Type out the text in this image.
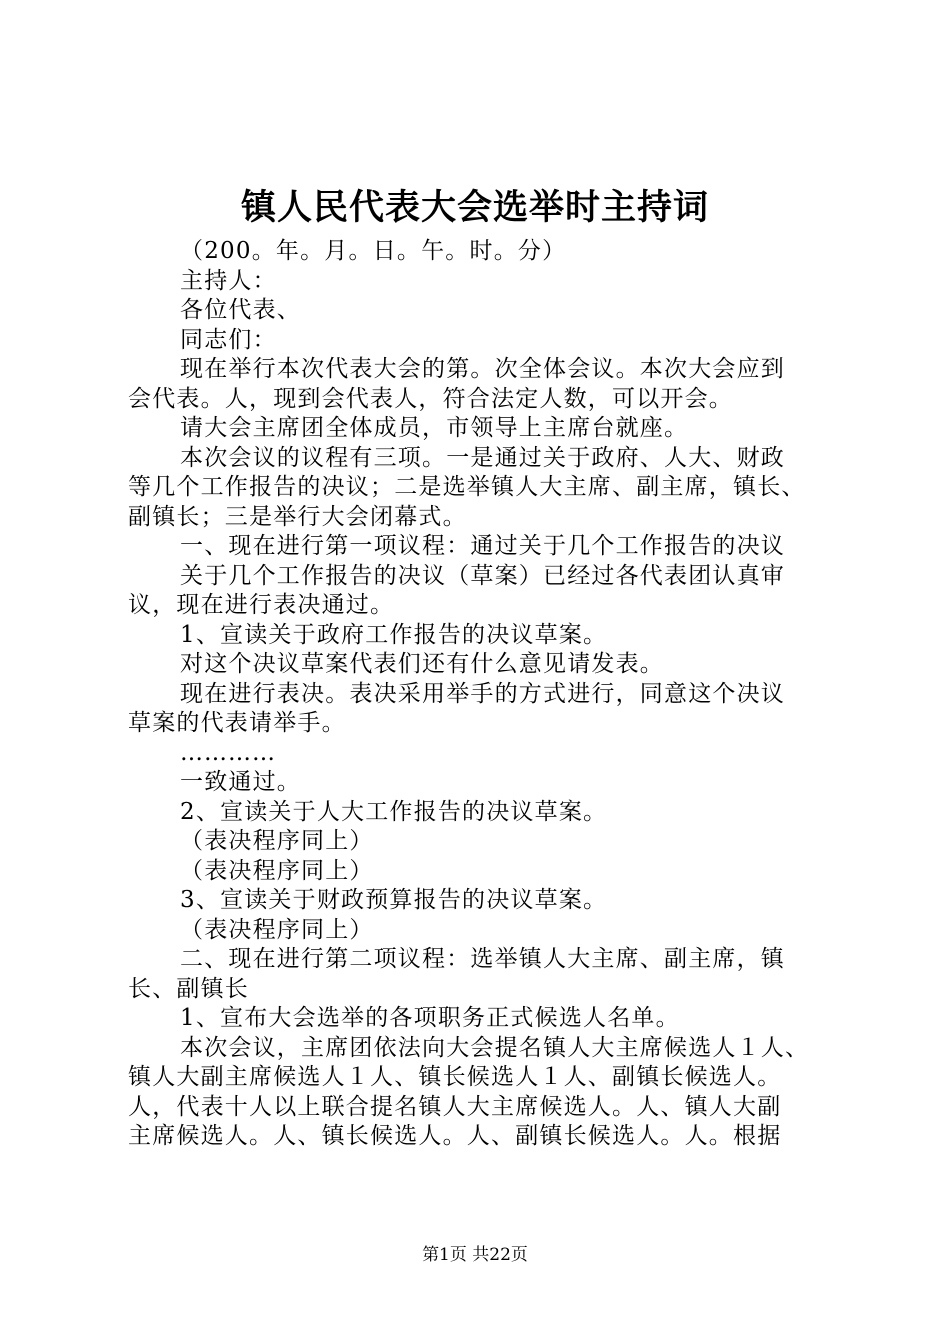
镇人民代表大会选举时主持词
（200。年。月。日。午。时。分）
主持人：
各位代表、
同志们：
现在举行本次代表大会的第。次全体会议。本次大会应到
会代表。人，现到会代表人，符合法定人数，可以开会。
请大会主席团全体成员，市领导上主席台就座。
本次会议的议程有三项。一是通过关于政府、人大、财政
等几个工作报告的决议；二是选举镇人大主席、副主席，镇长、
副镇长；三是举行大会闭幕式。
一、现在进行第一项议程：通过关于几个工作报告的决议
关于几个工作报告的决议（草案）已经过各代表团认真审
议，现在进行表决通过。
1、宣读关于政府工作报告的决议草案。
对这个决议草案代表们还有什么意见请发表。
现在进行表决。表决采用举手的方式进行，同意这个决议
草案的代表请举手。
…………
一致通过。
2、宣读关于人大工作报告的决议草案。
（表决程序同上）
（表决程序同上）
3、宣读关于财政预算报告的决议草案。
（表决程序同上）
二、现在进行第二项议程：选举镇人大主席、副主席，镇
长、副镇长
1、宣布大会选举的各项职务正式候选人名单。
本次会议，主席团依法向大会提名镇人大主席候选人１人、
镇人大副主席候选人１人、镇长候选人１人、副镇长候选人。
人，代表十人以上联合提名镇人大主席候选人。人、镇人大副
主席候选人。人、镇长候选人。人、副镇长候选人。人。根据
第1页 共22页
